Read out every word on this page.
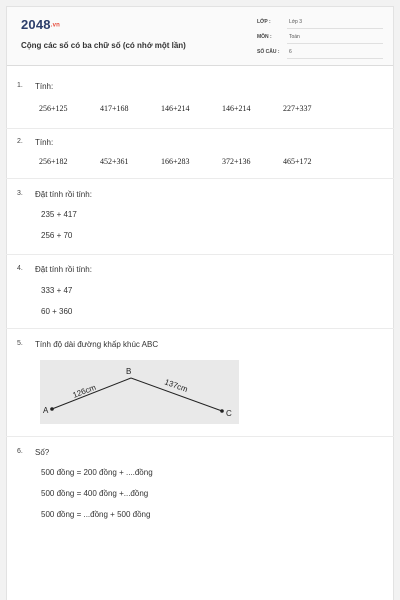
2048.vn
Cộng các số có ba chữ số (có nhớ một lần)
LỚP :	Lớp 3
MÔN :	Toán
SỐ CÂU : 6
1. Tính:
256+125	417+168	146+214	146+214	227+337
2. Tính:
256+182	452+361	166+283	372+136	465+172
3. Đặt tính rồi tính:
235 + 417
256 + 70
4. Đặt tính rồi tính:
333 + 47
60 + 360
5. Tính độ dài đường khấp khúc ABC
A
B
C
126cm	137cm
6. Số?
500 đồng = 200 đồng + ....đồng
500 đồng = 400 đồng +...đồng
500 đồng = ...đồng + 500 đồng
